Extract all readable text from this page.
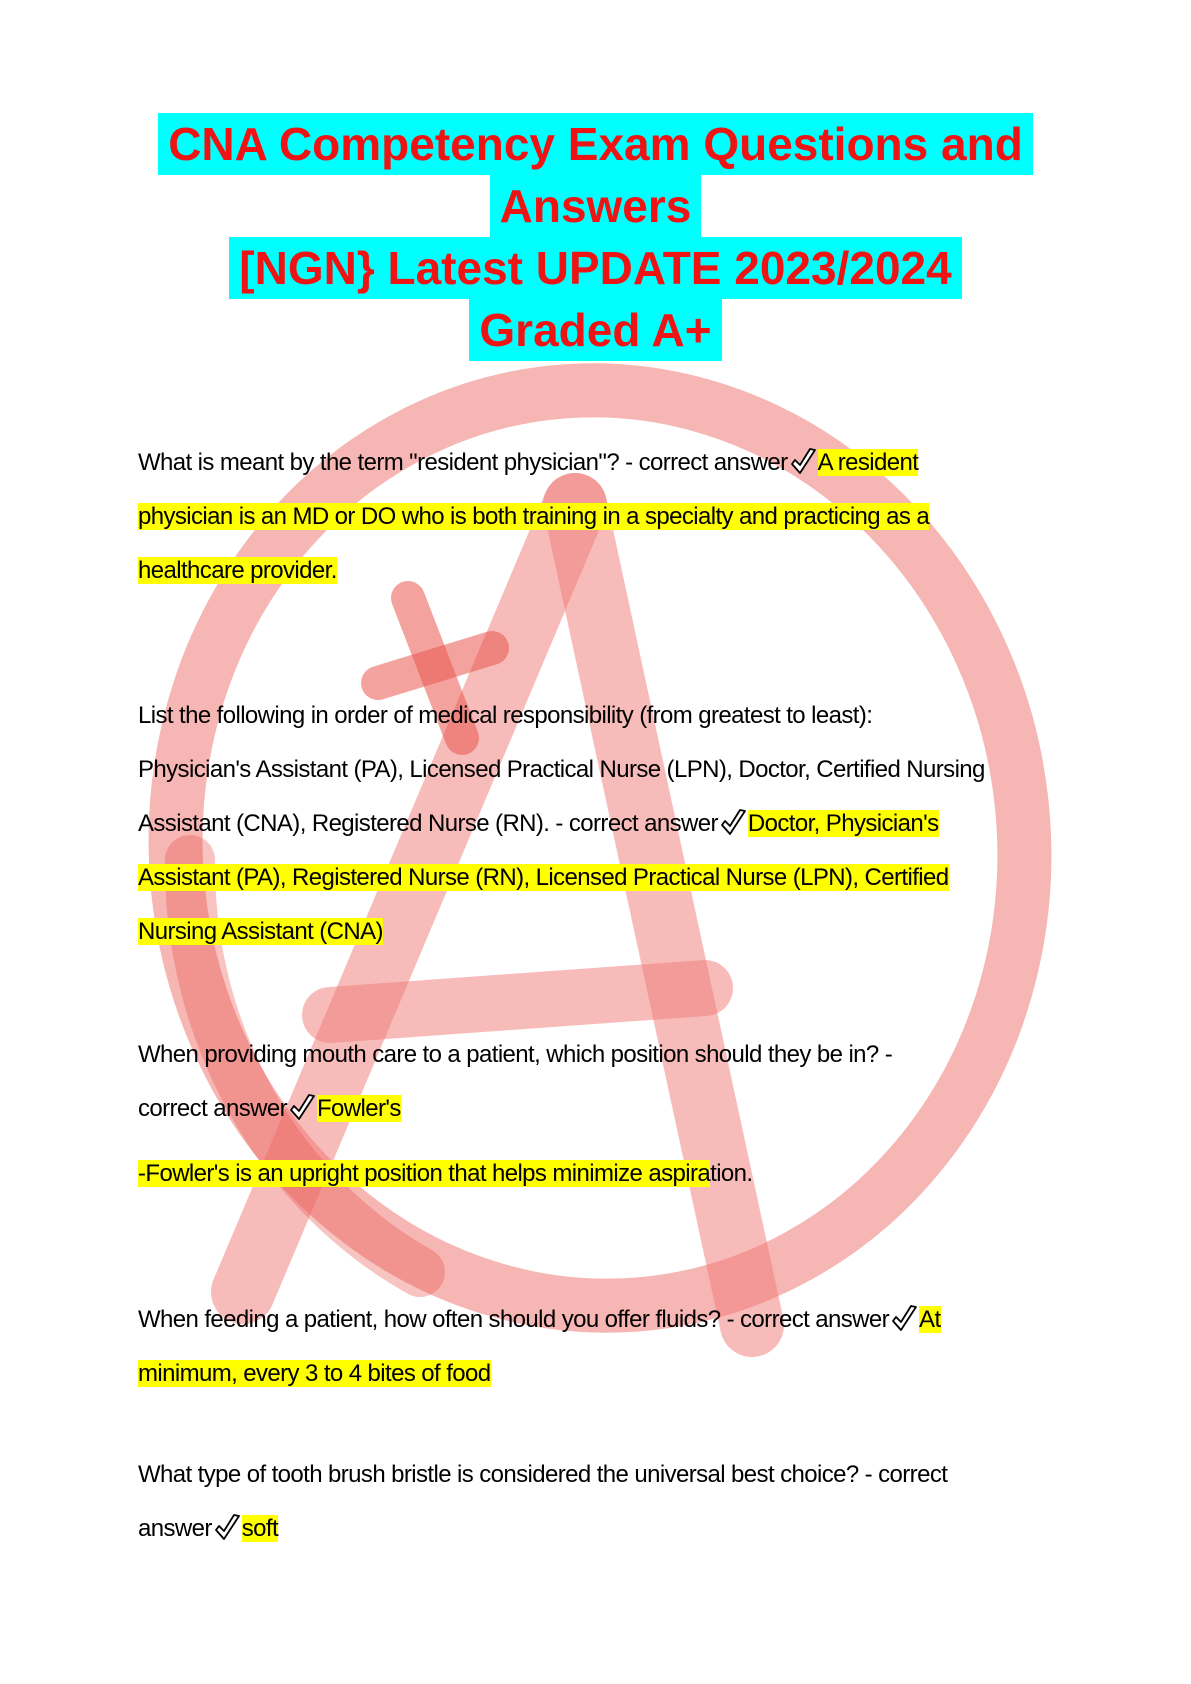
CNA Competency Exam Questions and
Answers
[NGN} Latest UPDATE 2023/2024
Graded A+
What is meant by the term "resident physician"? - correct answer A resident
physician is an MD or DO who is both training in a specialty and practicing as a
healthcare provider.
List the following in order of medical responsibility (from greatest to least):
Physician's Assistant (PA), Licensed Practical Nurse (LPN), Doctor, Certified Nursing
Assistant (CNA), Registered Nurse (RN). - correct answer Doctor, Physician's
Assistant (PA), Registered Nurse (RN), Licensed Practical Nurse (LPN), Certified
Nursing Assistant (CNA)
When providing mouth care to a patient, which position should they be in? -
correct answer Fowler's
-Fowler's is an upright position that helps minimize aspiration.
When feeding a patient, how often should you offer fluids? - correct answer At
minimum, every 3 to 4 bites of food
What type of tooth brush bristle is considered the universal best choice? - correct
answer soft
